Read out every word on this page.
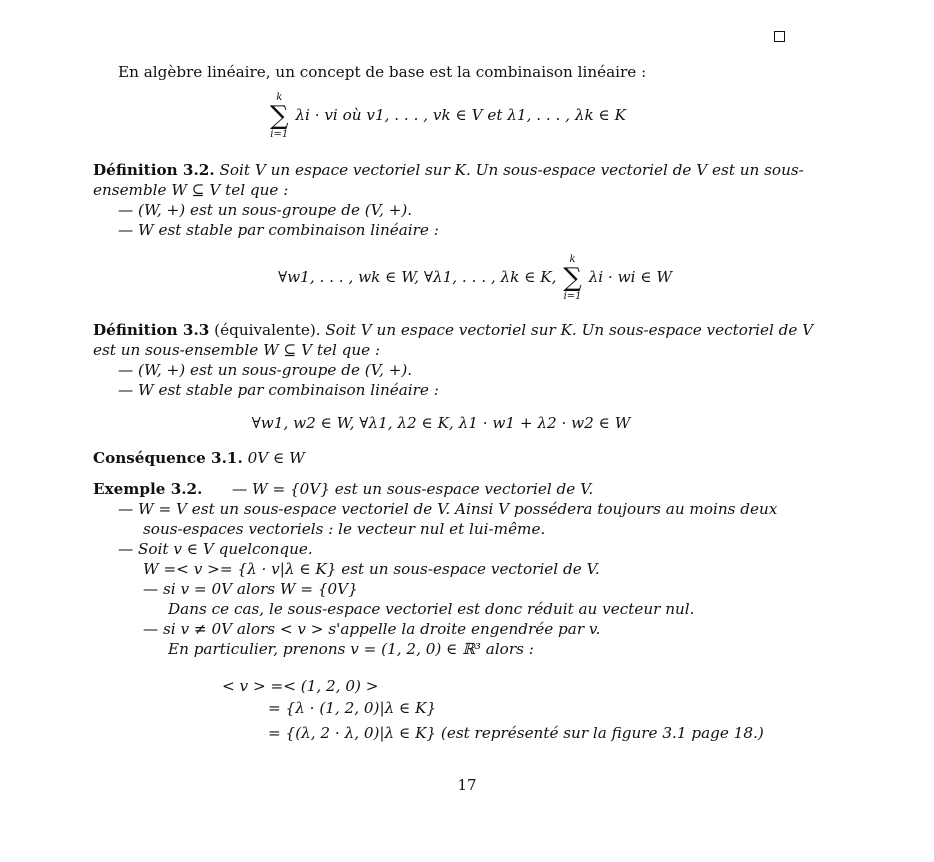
En algèbre linéaire, un concept de base est la combinaison linéaire :
k
∑
i=1
λi · vi où v1, . . . , vk ∈ V et λ1, . . . , λk ∈ K
Définition 3.2. Soit V un espace vectoriel sur K. Un sous-espace vectoriel de V est un sous-
ensemble W ⊆ V tel que :
— (W, +) est un sous-groupe de (V, +).
— W est stable par combinaison linéaire :
∀w1, . . . , wk ∈ W, ∀λ1, . . . , λk ∈ K,
k
∑
i=1
λi · wi ∈ W
Définition 3.3 (équivalente). Soit V un espace vectoriel sur K. Un sous-espace vectoriel de V
est un sous-ensemble W ⊆ V tel que :
— (W, +) est un sous-groupe de (V, +).
— W est stable par combinaison linéaire :
∀w1, w2 ∈ W, ∀λ1, λ2 ∈ K, λ1 · w1 + λ2 · w2 ∈ W
Conséquence 3.1. 0V ∈ W
Exemple 3.2. — W = {0V} est un sous-espace vectoriel de V.
— W = V est un sous-espace vectoriel de V. Ainsi V possédera toujours au moins deux
sous-espaces vectoriels : le vecteur nul et lui-même.
— Soit v ∈ V quelconque.
W =< v >= {λ · v|λ ∈ K} est un sous-espace vectoriel de V.
— si v = 0V alors W = {0V}
Dans ce cas, le sous-espace vectoriel est donc réduit au vecteur nul.
— si v ≠ 0V alors < v > s'appelle la droite engendrée par v.
En particulier, prenons v = (1, 2, 0) ∈ ℝ³ alors :
< v > =< (1, 2, 0) >
= {λ · (1, 2, 0)|λ ∈ K}
= {(λ, 2 · λ, 0)|λ ∈ K} (est représenté sur la figure 3.1 page 18.)
17
